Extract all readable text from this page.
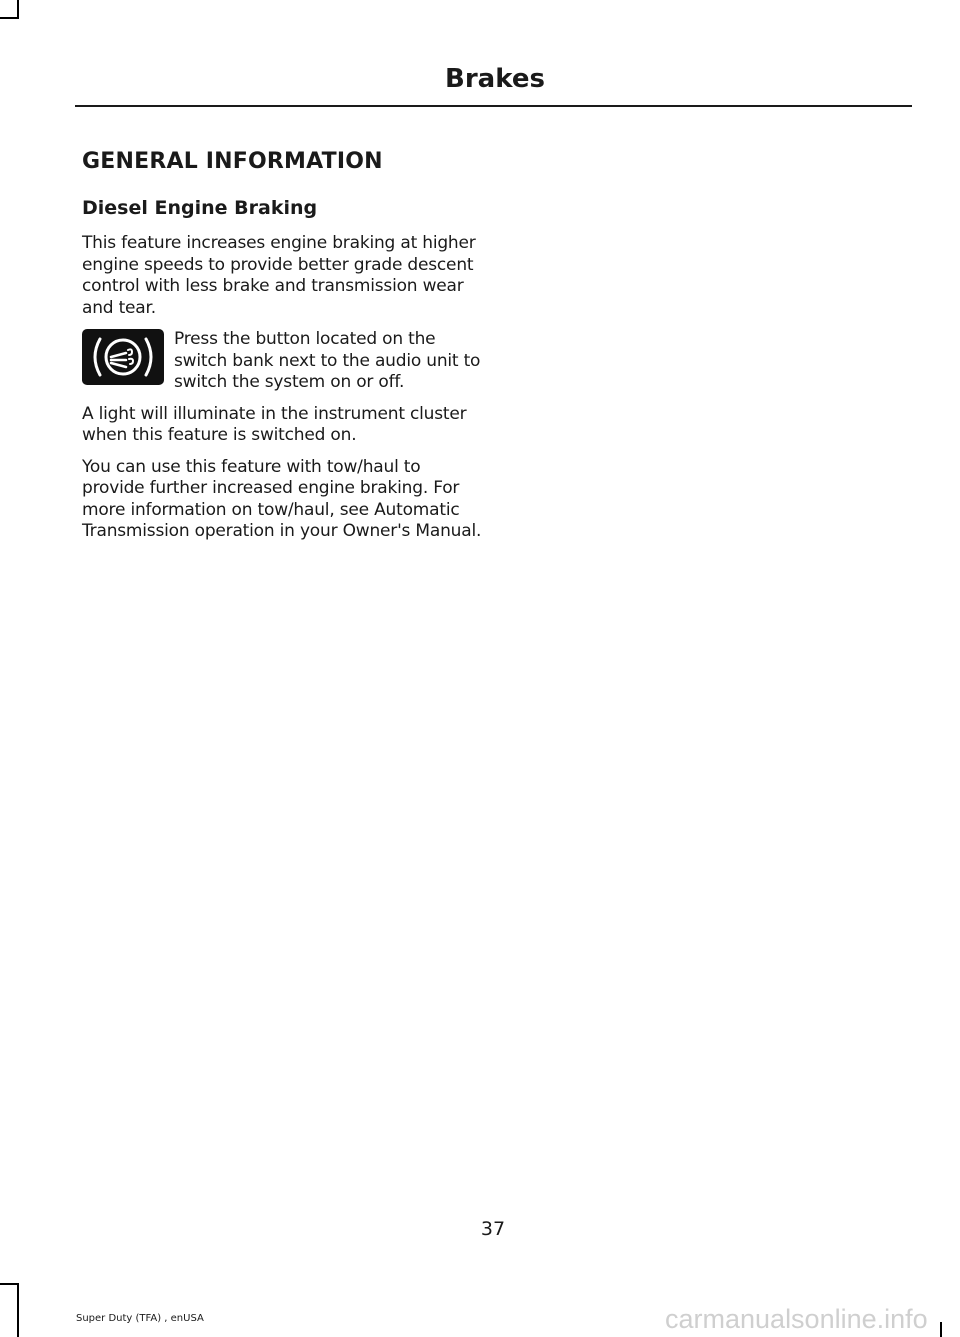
Brakes
GENERAL INFORMATION
Diesel Engine Braking

This feature increases engine braking at higher engine speeds to provide better grade descent control with less brake and transmission wear and tear.

Press the button located on the switch bank next to the audio unit to switch the system on or off.

A light will illuminate in the instrument cluster when this feature is switched on.

You can use this feature with tow/haul to provide further increased engine braking. For more information on tow/haul, see Automatic Transmission operation in your Owner's Manual.

37
Super Duty (TFA) , enUSA	carmanualsonline.info
